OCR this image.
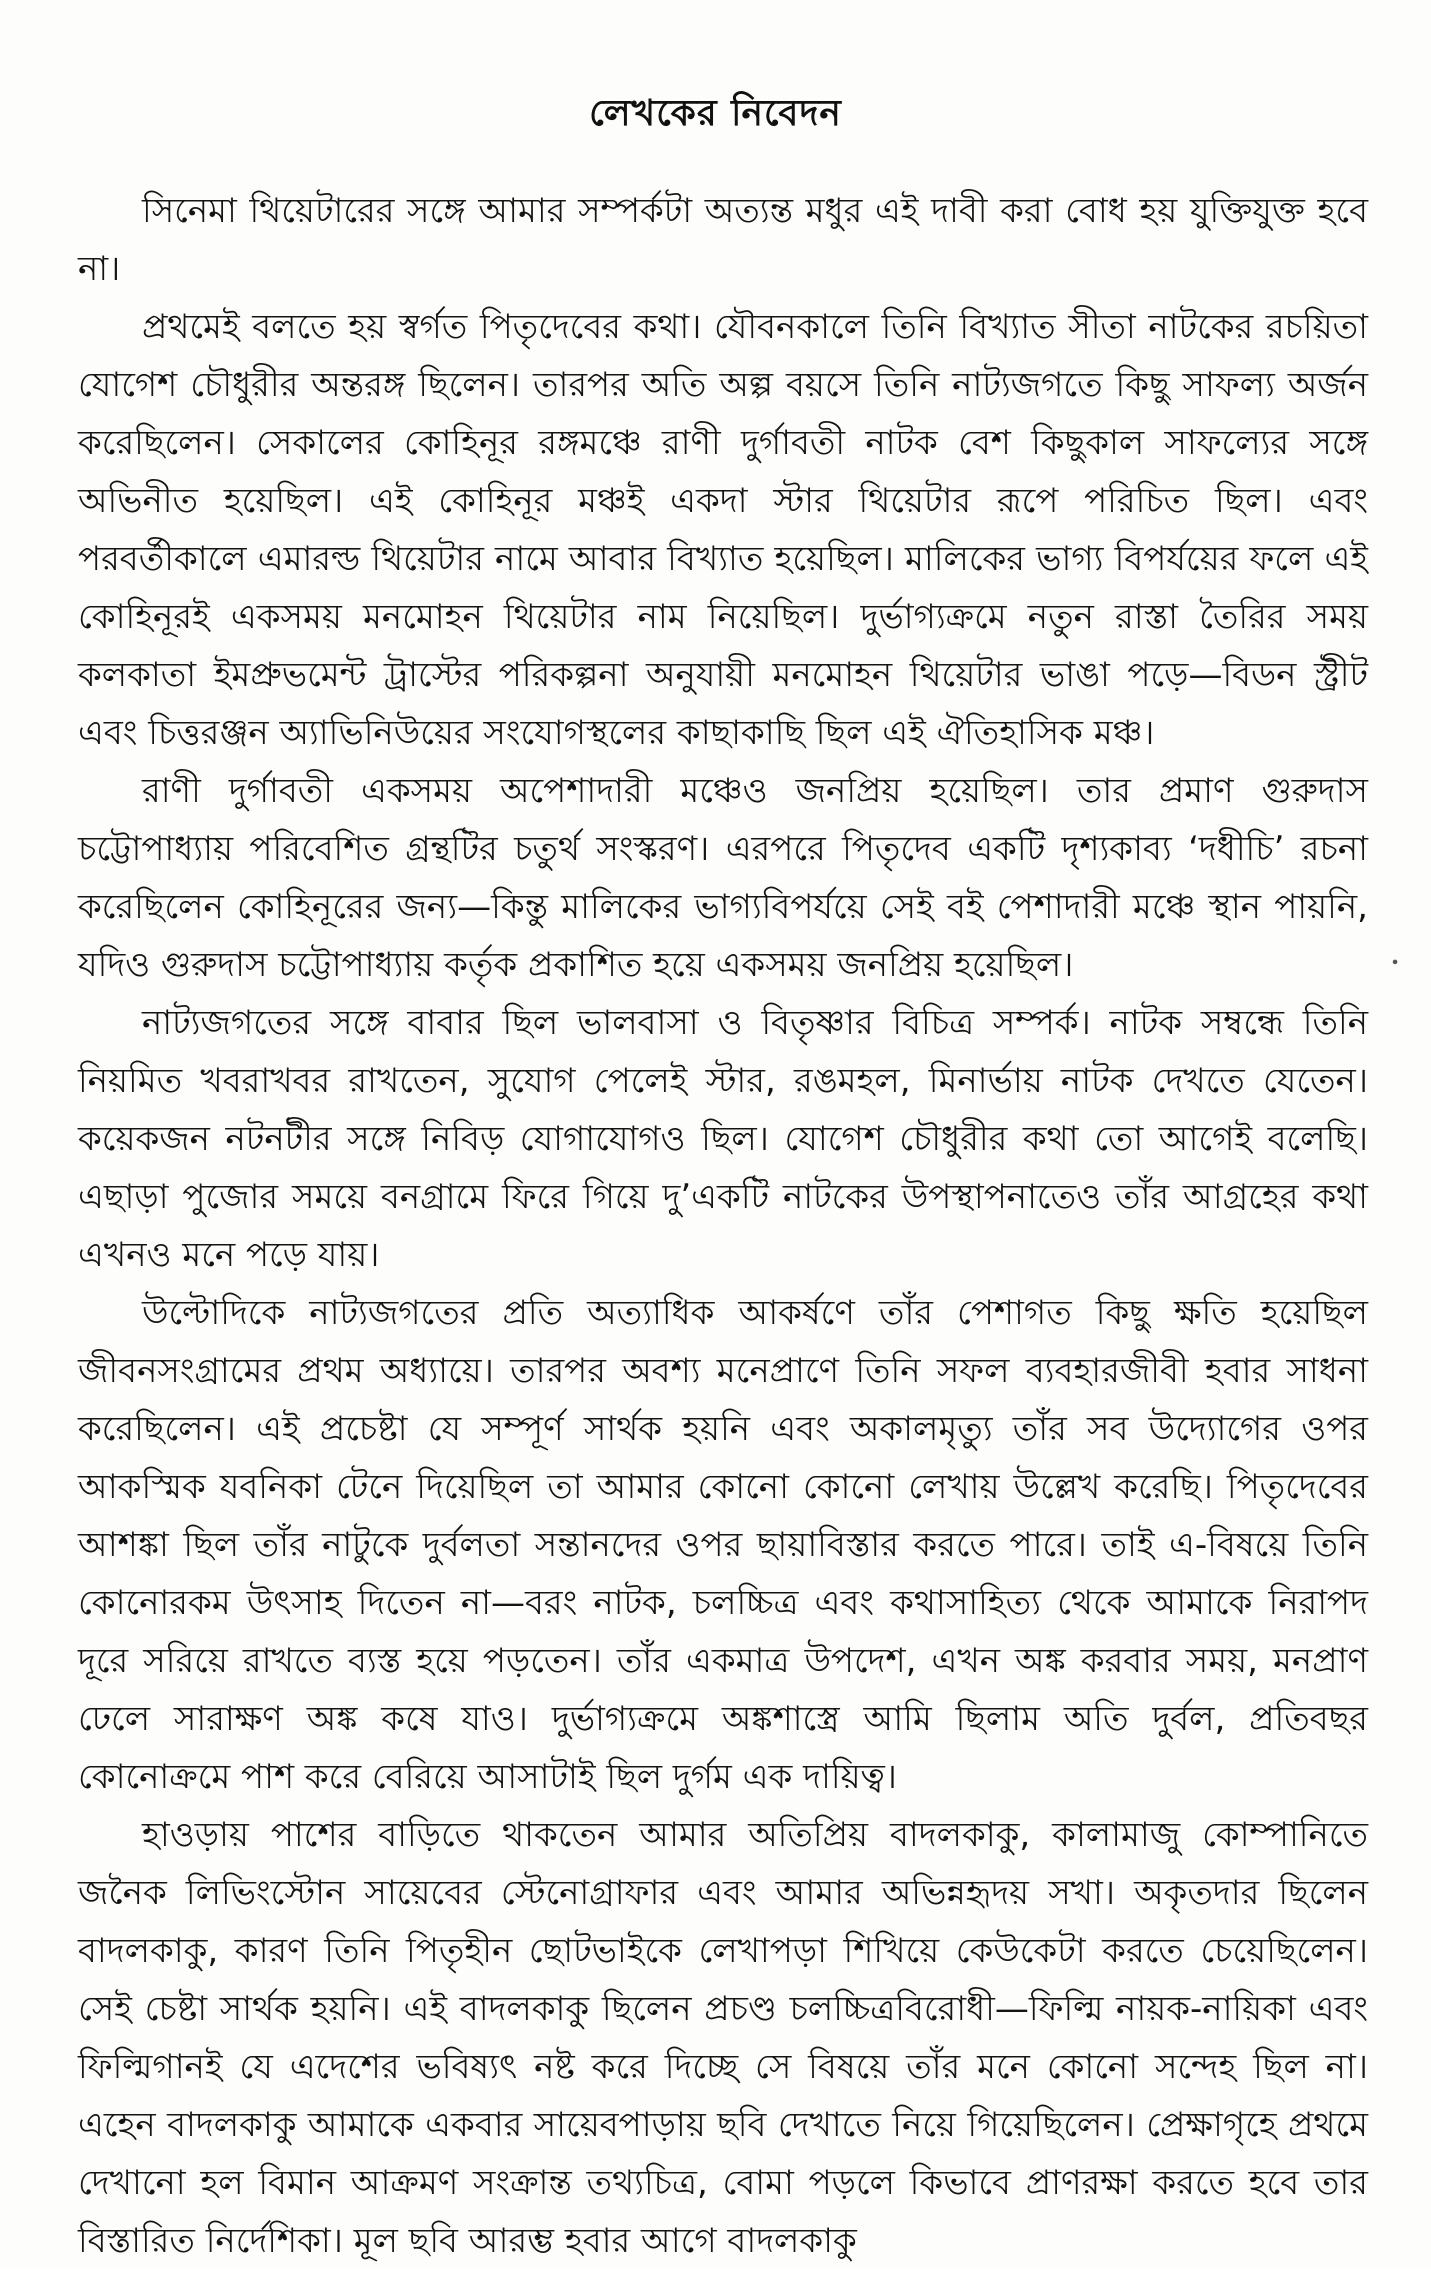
লেখকের নিবেদন

সিনেমা থিয়েটারের সঙ্গে আমার সম্পর্কটা অত্যন্ত মধুর এই দাবী করা বোধ হয় যুক্তিযুক্ত হবে না।

প্রথমেই বলতে হয় স্বর্গত পিতৃদেবের কথা। যৌবনকালে তিনি বিখ্যাত সীতা নাটকের রচয়িতা যোগেশ চৌধুরীর অন্তরঙ্গ ছিলেন। তারপর অতি অল্প বয়সে তিনি নাট্যজগতে কিছু সাফল্য অর্জন করেছিলেন। সেকালের কোহিনূর রঙ্গমঞ্চে রাণী দুর্গাবতী নাটক বেশ কিছুকাল সাফল্যের সঙ্গে অভিনীত হয়েছিল। এই কোহিনূর মঞ্চই একদা স্টার থিয়েটার রূপে পরিচিত ছিল। এবং পরবর্তীকালে এমারল্ড থিয়েটার নামে আবার বিখ্যাত হয়েছিল। মালিকের ভাগ্য বিপর্যয়ের ফলে এই কোহিনূরই একসময় মনমোহন থিয়েটার নাম নিয়েছিল। দুর্ভাগ্যক্রমে নতুন রাস্তা তৈরির সময় কলকাতা ইমপ্রুভমেন্ট ট্রাস্টের পরিকল্পনা অনুযায়ী মনমোহন থিয়েটার ভাঙা পড়ে—বিডন স্ট্রীট এবং চিত্তরঞ্জন অ্যাভিনিউয়ের সংযোগস্থলের কাছাকাছি ছিল এই ঐতিহাসিক মঞ্চ।

রাণী দুর্গাবতী একসময় অপেশাদারী মঞ্চেও জনপ্রিয় হয়েছিল। তার প্রমাণ গুরুদাস চট্টোপাধ্যায় পরিবেশিত গ্রন্থটির চতুর্থ সংস্করণ। এরপরে পিতৃদেব একটি দৃশ্যকাব্য ‘দধীচি’ রচনা করেছিলেন কোহিনূরের জন্য—কিন্তু মালিকের ভাগ্যবিপর্যয়ে সেই বই পেশাদারী মঞ্চে স্থান পায়নি, যদিও গুরুদাস চট্টোপাধ্যায় কর্তৃক প্রকাশিত হয়ে একসময় জনপ্রিয় হয়েছিল।

নাট্যজগতের সঙ্গে বাবার ছিল ভালবাসা ও বিতৃষ্ণার বিচিত্র সম্পর্ক। নাটক সম্বন্ধে তিনি নিয়মিত খবরাখবর রাখতেন, সুযোগ পেলেই স্টার, রঙমহল, মিনার্ভায় নাটক দেখতে যেতেন। কয়েকজন নটনটীর সঙ্গে নিবিড় যোগাযোগও ছিল। যোগেশ চৌধুরীর কথা তো আগেই বলেছি। এছাড়া পুজোর সময়ে বনগ্রামে ফিরে গিয়ে দু’একটি নাটকের উপস্থাপনাতেও তাঁর আগ্রহের কথা এখনও মনে পড়ে যায়।

উল্টোদিকে নাট্যজগতের প্রতি অত্যাধিক আকর্ষণে তাঁর পেশাগত কিছু ক্ষতি হয়েছিল জীবনসংগ্রামের প্রথম অধ্যায়ে। তারপর অবশ্য মনেপ্রাণে তিনি সফল ব্যবহারজীবী হবার সাধনা করেছিলেন। এই প্রচেষ্টা যে সম্পূর্ণ সার্থক হয়নি এবং অকালমৃত্যু তাঁর সব উদ্যোগের ওপর আকস্মিক যবনিকা টেনে দিয়েছিল তা আমার কোনো কোনো লেখায় উল্লেখ করেছি। পিতৃদেবের আশঙ্কা ছিল তাঁর নাটুকে দুর্বলতা সন্তানদের ওপর ছায়াবিস্তার করতে পারে। তাই এ-বিষয়ে তিনি কোনোরকম উৎসাহ দিতেন না—বরং নাটক, চলচ্চিত্র এবং কথাসাহিত্য থেকে আমাকে নিরাপদ দূরে সরিয়ে রাখতে ব্যস্ত হয়ে পড়তেন। তাঁর একমাত্র উপদেশ, এখন অঙ্ক করবার সময়, মনপ্রাণ ঢেলে সারাক্ষণ অঙ্ক কষে যাও। দুর্ভাগ্যক্রমে অঙ্কশাস্ত্রে আমি ছিলাম অতি দুর্বল, প্রতিবছর কোনোক্রমে পাশ করে বেরিয়ে আসাটাই ছিল দুর্গম এক দায়িত্ব।

হাওড়ায় পাশের বাড়িতে থাকতেন আমার অতিপ্রিয় বাদলকাকু, কালামাজু কোম্পানিতে জনৈক লিভিংস্টোন সায়েবের স্টেনোগ্রাফার এবং আমার অভিন্নহৃদয় সখা। অকৃতদার ছিলেন বাদলকাকু, কারণ তিনি পিতৃহীন ছোটভাইকে লেখাপড়া শিখিয়ে কেউকেটা করতে চেয়েছিলেন। সেই চেষ্টা সার্থক হয়নি। এই বাদলকাকু ছিলেন প্রচণ্ড চলচ্চিত্রবিরোধী—ফিল্মি নায়ক-নায়িকা এবং ফিল্মিগানই যে এদেশের ভবিষ্যৎ নষ্ট করে দিচ্ছে সে বিষয়ে তাঁর মনে কোনো সন্দেহ ছিল না। এহেন বাদলকাকু আমাকে একবার সায়েবপাড়ায় ছবি দেখাতে নিয়ে গিয়েছিলেন। প্রেক্ষাগৃহে প্রথমে দেখানো হল বিমান আক্রমণ সংক্রান্ত তথ্যচিত্র, বোমা পড়লে কিভাবে প্রাণরক্ষা করতে হবে তার বিস্তারিত নির্দেশিকা। মূল ছবি আরম্ভ হবার আগে বাদলকাকু

∙
